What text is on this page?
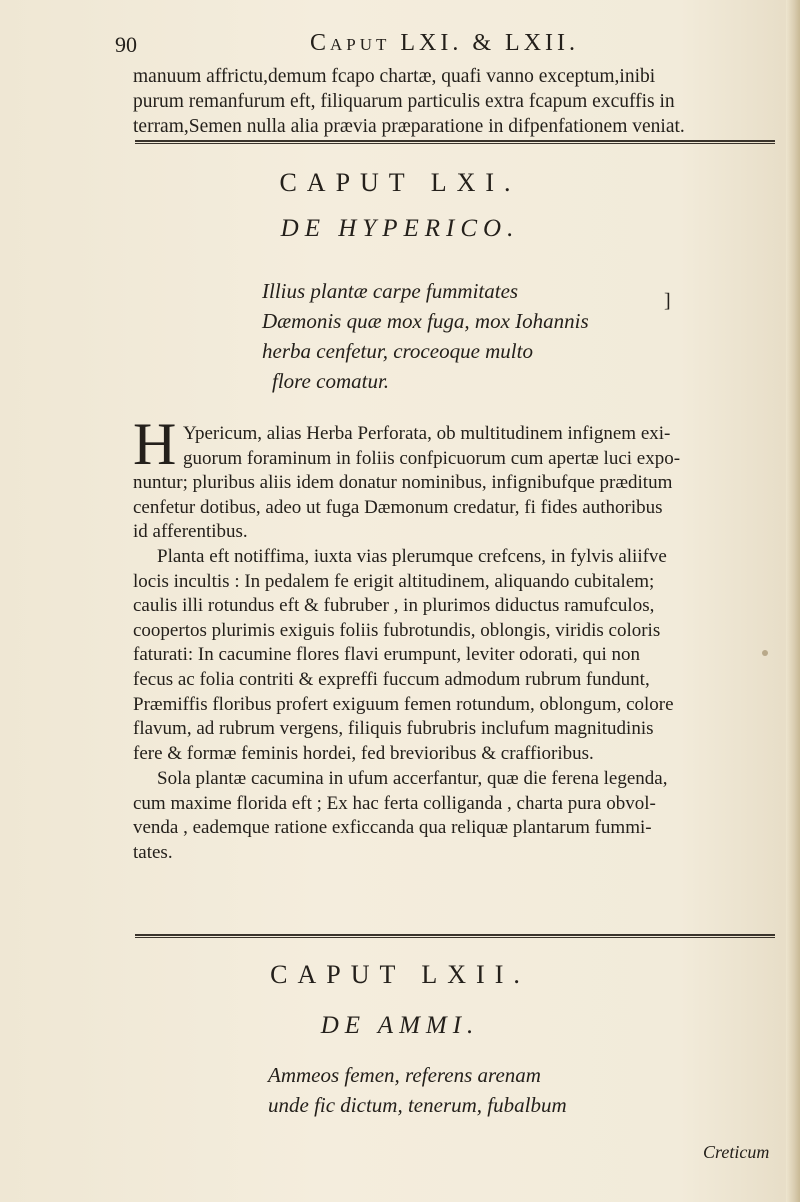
90	Caput LXI. & LXII.

manuum affrictu,demum fcapo chartæ, quafi vanno exceptum,inibi
purum remanfurum eft, filiquarum particulis extra fcapum excuffis in
terram,Semen nulla alia prævia præparatione in difpenfationem veniat.

CAPUT LXI.
DE HYPERICO.

Illius plantæ carpe fummitates
Dæmonis quæ mox fuga, mox Iohannis
herba cenfetur, croceoque multo
flore comatur.

]
H Ypericum, alias Herba Perforata, ob multitudinem infignem exi-
guorum foraminum in foliis confpicuorum cum apertæ luci expo-
nuntur; pluribus aliis idem donatur nominibus, infignibufque præditum
cenfetur dotibus, adeo ut fuga Dæmonum credatur, fi fides authoribus
id afferentibus.

Planta eft notiffima, iuxta vias plerumque crefcens, in fylvis aliifve
locis incultis : In pedalem fe erigit altitudinem, aliquando cubitalem;
caulis illi rotundus eft & fubruber , in plurimos diductus ramufculos,
coopertos plurimis exiguis foliis fubrotundis, oblongis, viridis coloris
faturati: In cacumine flores flavi erumpunt, leviter odorati, qui non
fecus ac folia contriti & expreffi fuccum admodum rubrum fundunt,
Præmiffis floribus profert exiguum femen rotundum, oblongum, colore
flavum, ad rubrum vergens, filiquis fubrubris inclufum magnitudinis
fere & formæ feminis hordei, fed brevioribus & craffioribus.

Sola plantæ cacumina in ufum accerfantur, quæ die ferena legenda,
cum maxime florida eft ; Ex hac ferta colliganda , charta pura obvol-
venda , eademque ratione exficcanda qua reliquæ plantarum fummi-
tates.

CAPUT LXII.
DE AMMI.

Ammeos femen, referens arenam
unde fic dictum, tenerum, fubalbum

Creticum
